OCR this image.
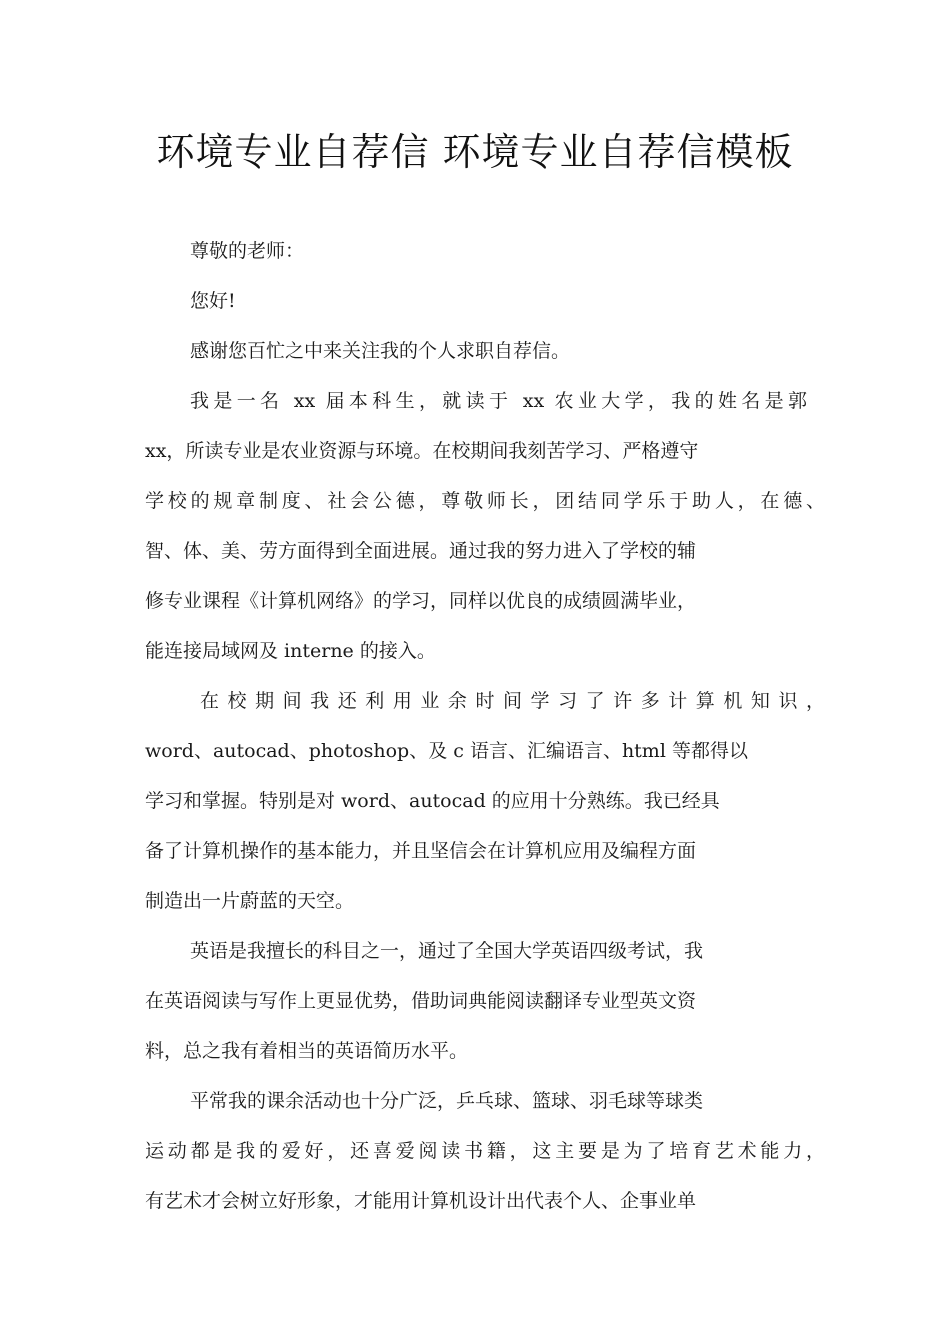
环境专业自荐信 环境专业自荐信模板
尊敬的老师：
您好!
感谢您百忙之中来关注我的个人求职自荐信。
我是一名 xx 届本科生，就读于 xx 农业大学，我的姓名是郭
xx，所读专业是农业资源与环境。在校期间我刻苦学习、严格遵守
学校的规章制度、社会公德，尊敬师长，团结同学乐于助人，在德、
智、体、美、劳方面得到全面进展。通过我的努力进入了学校的辅
修专业课程《计算机网络》的学习，同样以优良的成绩圆满毕业，
能连接局域网及 interne 的接入。
在校期间我还利用业余时间学习了许多计算机知识，
word、autocad、photoshop、及 c 语言、汇编语言、html 等都得以
学习和掌握。特别是对 word、autocad 的应用十分熟练。我已经具
备了计算机操作的基本能力，并且坚信会在计算机应用及编程方面
制造出一片蔚蓝的天空。
英语是我擅长的科目之一，通过了全国大学英语四级考试，我
在英语阅读与写作上更显优势，借助词典能阅读翻译专业型英文资
料，总之我有着相当的英语简历水平。
平常我的课余活动也十分广泛，乒乓球、篮球、羽毛球等球类
运动都是我的爱好，还喜爱阅读书籍，这主要是为了培育艺术能力，
有艺术才会树立好形象，才能用计算机设计出代表个人、企事业单
